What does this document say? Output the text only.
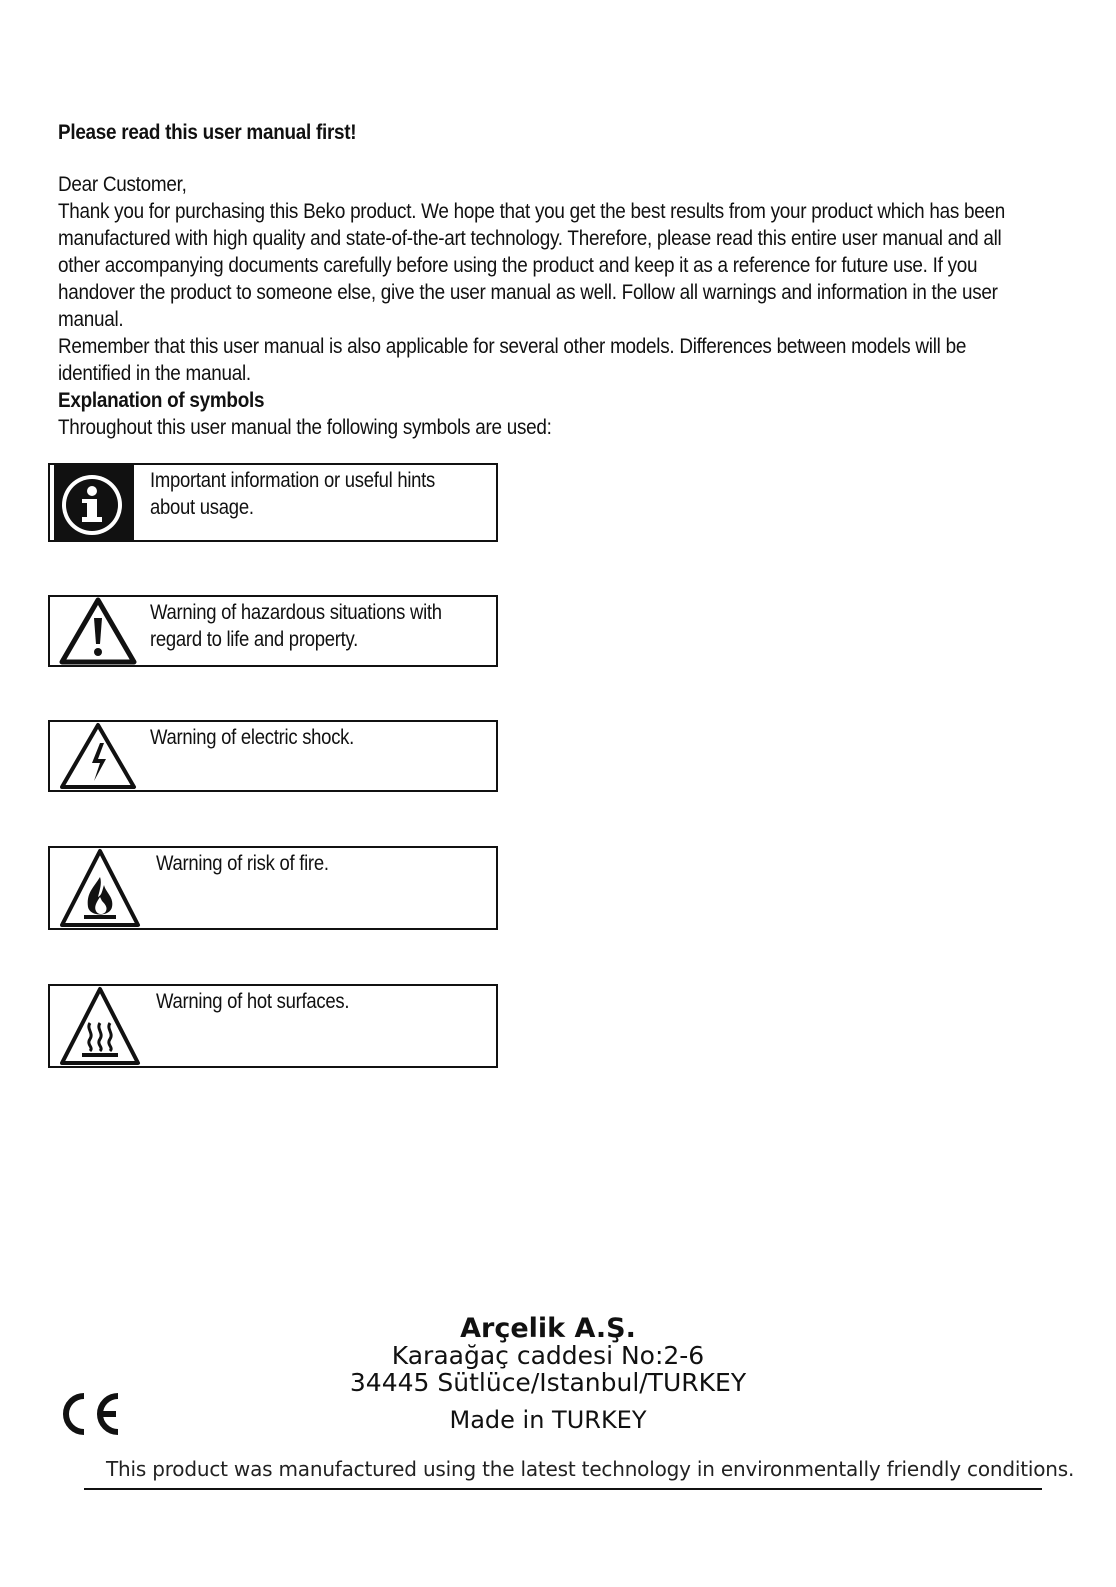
Please read this user manual first!

Dear Customer,

Thank you for purchasing this Beko product. We hope that you get the best results from your product which has been manufactured with high quality and state-of-the-art technology. Therefore, please read this entire user manual and all other accompanying documents carefully before using the product and keep it as a reference for future use. If you handover the product to someone else, give the user manual as well. Follow all warnings and information in the user manual.

Remember that this user manual is also applicable for several other models. Differences between models will be identified in the manual.

Explanation of symbols

Throughout this user manual the following symbols are used:

Important information or useful hints about usage.
Warning of hazardous situations with regard to life and property.
Warning of electric shock.
Warning of risk of fire.
Warning of hot surfaces.
Arçelik A.Ş.
Karaağaç caddesi No:2-6
34445 Sütlüce/Istanbul/TURKEY
Made in TURKEY
This product was manufactured using the latest technology in environmentally friendly conditions.
